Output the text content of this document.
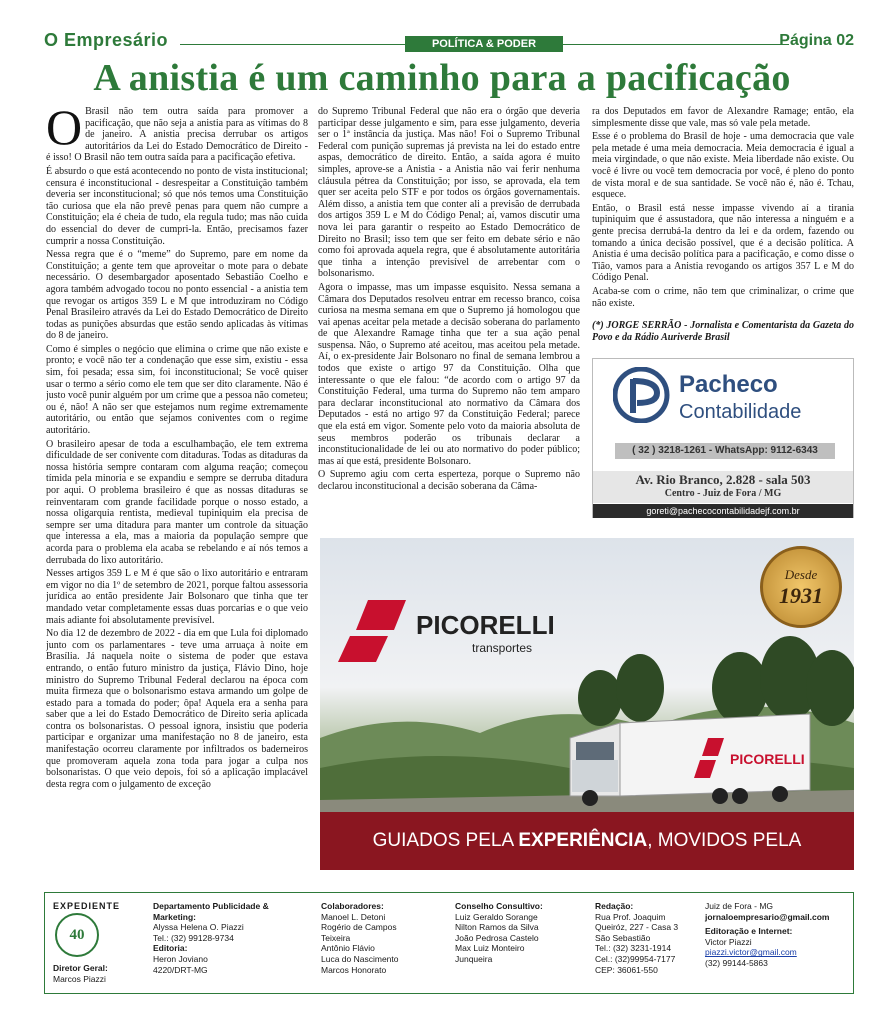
O Empresário	POLÍTICA & PODER	Página 02
A anistia é um caminho para a pacificação

O Brasil não tem outra saída para promover a pacificação, que não seja a anistia para as vítimas do 8 de janeiro. A anistia precisa derrubar os artigos autoritários da Lei do Estado Democrático de Direito - é isso! O Brasil não tem outra saída para a pacificação efetiva.

É absurdo o que está acontecendo no ponto de vista institucional; censura é inconstitucional - desrespeitar a Constituição também deveria ser inconstitucional; só que nós temos uma Constituição tão curiosa que ela não prevê penas para quem não cumpre a Constituição; ela é cheia de tudo, ela regula tudo; mas não cuida do essencial do dever de cumpri-la. Então, precisamos fazer cumprir a nossa Constituição.

Nessa regra que é o “meme” do Supremo, pare em nome da Constituição; a gente tem que aproveitar o mote para o debate necessário. O desembargador aposentado Sebastião Coelho e agora também advogado tocou no ponto essencial - a anistia tem que revogar os artigos 359 L e M que introduziram no Código Penal Brasileiro através da Lei do Estado Democrático de Direito todas as punições absurdas que estão sendo aplicadas às vítimas do 8 de janeiro.

Como é simples o negócio que elimina o crime que não existe e pronto; e você não ter a condenação que esse sim, existiu - essa sim, foi pesada; essa sim, foi inconstitucional; Se você quiser usar o termo a sério como ele tem que ser dito claramente. Não é justo você punir alguém por um crime que a pessoa não cometeu; ou é, não! A não ser que estejamos num regime extremamente autoritário, ou então que sejamos coniventes com o regime autoritário.

O brasileiro apesar de toda a esculhambação, ele tem extrema dificuldade de ser conivente com ditaduras. Todas as ditaduras da nossa história sempre contaram com alguma reação; começou tímida pela minoria e se expandiu e sempre se derruba ditadura por aqui. O problema brasileiro é que as nossas ditaduras se reinventaram com grande facilidade porque o nosso estado, a nossa oligarquia rentista, medieval tupiniquim ela precisa de sempre ser uma ditadura para manter um controle da situação que interessa a ela, mas a maioria da população sempre que acorda para o problema ela acaba se rebelando e aí nós temos a derrubada do lixo autoritário.

Nesses artigos 359 L e M é que são o lixo autoritário e entraram em vigor no dia 1º de setembro de 2021, porque faltou assessoria jurídica ao então presidente Jair Bolsonaro que tinha que ter mandado vetar completamente essas duas porcarias e o que veio mais adiante foi absolutamente previsível.

No dia 12 de dezembro de 2022 - dia em que Lula foi diplomado junto com os parlamentares - teve uma arruaça à noite em Brasília. Já naquela noite o sistema de poder que estava entrando, o então futuro ministro da justiça, Flávio Dino, hoje ministro do Supremo Tribunal Federal declarou na época com muita firmeza que o bolsonarismo estava armando um golpe de estado para a tomada do poder; ôpa! Aquela era a senha para saber que a lei do Estado Democrático de Direito seria aplicada contra os bolsonaristas. O pessoal ignora, insistiu que poderia participar e organizar uma manifestação no 8 de janeiro, esta manifestação ocorreu claramente por infiltrados os baderneiros que promoveram aquela zona toda para jogar a culpa nos bolsonaristas. O que veio depois, foi só a aplicação implacável desta regra com o julgamento de exceção

do Supremo Tribunal Federal que não era o órgão que deveria participar desse julgamento e sim, para esse julgamento, deveria ser o 1ª instância da justiça. Mas não! Foi o Supremo Tribunal Federal com punição supremas já prevista na lei do estado entre aspas, democrático de direito. Então, a saída agora é muito simples, aprove-se a Anistia - a Anistia não vai ferir nenhuma cláusula pétrea da Constituição; por isso, se aprovada, ela tem quer ser aceita pelo STF e por todos os órgãos governamentais. Além disso, a anistia tem que conter ali a previsão de derrubada dos artigos 359 L e M do Código Penal; aí, vamos discutir uma nova lei para garantir o respeito ao Estado Democrático de Direito no Brasil; isso tem que ser feito em debate sério e não como foi aprovada aquela regra, que é absolutamente autoritária que tinha a intenção previsível de arrebentar com o bolsonarismo.

Agora o impasse, mas um impasse esquisito. Nessa semana a Câmara dos Deputados resolveu entrar em recesso branco, coisa curiosa na mesma semana em que o Supremo já homologou que vai apenas aceitar pela metade a decisão soberana do parlamento de que Alexandre Ramage tinha que ter a sua ação penal suspensa. Não, o Supremo até aceitou, mas aceitou pela metade. Aí, o ex-presidente Jair Bolsonaro no final de semana lembrou a todos que existe o artigo 97 da Constituição. Olha que interessante o que ele falou: “de acordo com o artigo 97 da Constituição Federal, uma turma do Supremo não tem amparo para declarar inconstitucional ato normativo da Câmara dos Deputados - está no artigo 97 da Constituição Federal; parece que ela está em vigor. Somente pelo voto da maioria absoluta de seus membros poderão os tribunais declarar a inconstitucionalidade de lei ou ato normativo do poder público; mas aí que está, presidente Bolsonaro.

O Supremo agiu com certa esperteza, porque o Supremo não declarou inconstitucional a decisão soberana da Câma-

ra dos Deputados em favor de Alexandre Ramage; então, ela simplesmente disse que vale, mas só vale pela metade.

Esse é o problema do Brasil de hoje - uma democracia que vale pela metade é uma meia democracia. Meia democracia é igual a meia virgindade, o que não existe. Meia liberdade não existe. Ou você é livre ou você tem democracia por você, é pleno do ponto de vista moral e de sua santidade. Se você não é, não é. Tchau, esquece.

Então, o Brasil está nesse impasse vivendo aí a tirania tupiniquim que é assustadora, que não interessa a ninguém e a gente precisa derrubá-la dentro da lei e da ordem, fazendo ou tomando a única decisão possível, que é a decisão política. A Anistia é uma decisão política para a pacificação, e como disse o Tião, vamos para a Anistia revogando os artigos 357 L e M do Código Penal.

Acaba-se com o crime, não tem que criminalizar, o crime que não existe.

(*) JORGE SERRÃO - Jornalista e Comentarista da Gazeta do Povo e da Rádio Auriverde Brasil
Pacheco
Contabilidade
( 32 ) 3218-1261 - WhatsApp: 9112-6343
Av. Rio Branco, 2.828 - sala 503
Centro - Juiz de Fora / MG
goreti@pachecocontabilidadejf.com.br
PICORELLI
PICORELLI
transportes
Desde
1931
GUIADOS PELA EXPERIÊNCIA, MOVIDOS PELA
EXPEDIENTE
40
Diretor Geral:
Marcos Piazzi
Departamento Publicidade & Marketing:
Alyssa Helena O. Piazzi
Tel.: (32) 99128-9734
Editoria:
Heron Joviano
4220/DRT-MG
Colaboradores:
Manoel L. Detoni
Rogério de Campos
Teixeira
Antônio Flávio
Luca do Nascimento
Marcos Honorato
Conselho Consultivo:
Luiz Geraldo Sorange
Nilton Ramos da Silva
João Pedrosa Castelo
Max Luiz Monteiro
Junqueira
Redação:
Rua Prof. Joaquim
Queiróz, 227 - Casa 3
São Sebastião
Tel.: (32) 3231-1914
Cel.: (32)99954-7177
CEP: 36061-550
Juiz de Fora - MG
jornaloempresario@gmail.com
Editoração e Internet:
Victor Piazzi
piazzi.victor@gmail.com
(32) 99144-5863
